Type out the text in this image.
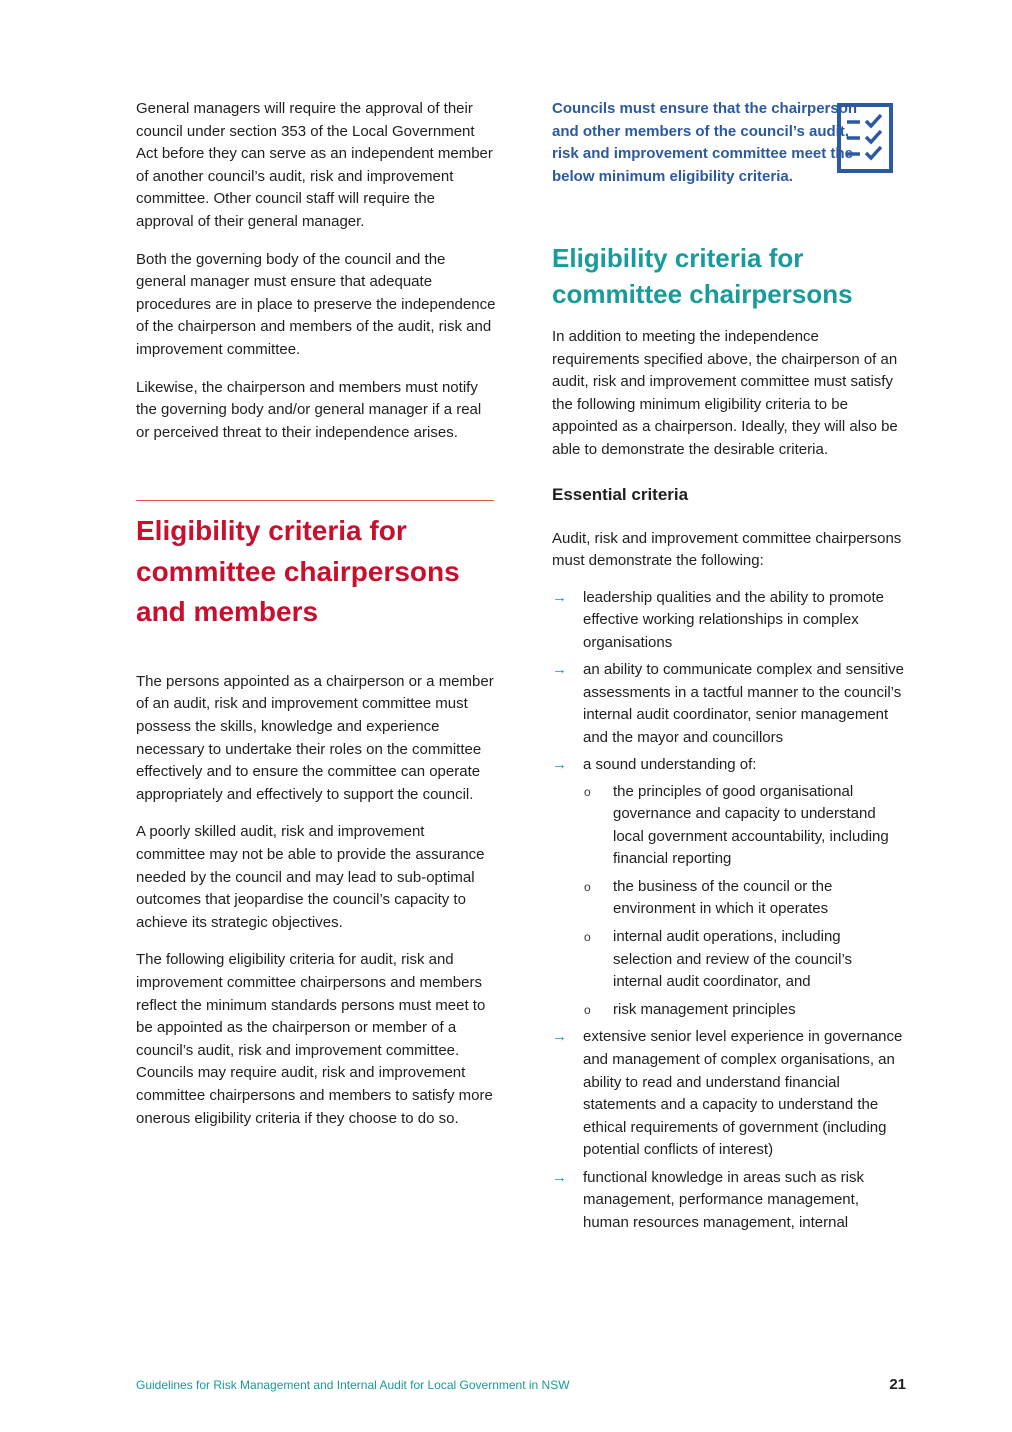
General managers will require the approval of their council under section 353 of the Local Government Act before they can serve as an independent member of another council’s audit, risk and improvement committee. Other council staff will require the approval of their general manager.

Both the governing body of the council and the general manager must ensure that adequate procedures are in place to preserve the independence of the chairperson and members of the audit, risk and improvement committee.

Likewise, the chairperson and members must notify the governing body and/or general manager if a real or perceived threat to their independence arises.

Eligibility criteria for committee chairpersons and members

The persons appointed as a chairperson or a member of an audit, risk and improvement committee must possess the skills, knowledge and experience necessary to undertake their roles on the committee effectively and to ensure the committee can operate appropriately and effectively to support the council.

A poorly skilled audit, risk and improvement committee may not be able to provide the assurance needed by the council and may lead to sub-optimal outcomes that jeopardise the council’s capacity to achieve its strategic objectives.

The following eligibility criteria for audit, risk and improvement committee chairpersons and members reflect the minimum standards persons must meet to be appointed as the chairperson or member of a council’s audit, risk and improvement committee. Councils may require audit, risk and improvement committee chairpersons and members to satisfy more onerous eligibility criteria if they choose to do so.

Councils must ensure that the chairperson and other members of the council’s audit, risk and improvement committee meet the below minimum eligibility criteria.
Eligibility criteria for committee chairpersons

In addition to meeting the independence requirements specified above, the chairperson of an audit, risk and improvement committee must satisfy the following minimum eligibility criteria to be appointed as a chairperson. Ideally, they will also be able to demonstrate the desirable criteria.

Essential criteria

Audit, risk and improvement committee chairpersons must demonstrate the following:

→ leadership qualities and the ability to promote effective working relationships in complex organisations
→ an ability to communicate complex and sensitive assessments in a tactful manner to the council’s internal audit coordinator, senior management and the mayor and councillors
→ a sound understanding of:
o the principles of good organisational governance and capacity to understand local government accountability, including financial reporting
o the business of the council or the environment in which it operates
o internal audit operations, including selection and review of the council’s internal audit coordinator, and
o risk management principles
→ extensive senior level experience in governance and management of complex organisations, an ability to read and understand financial statements and a capacity to understand the ethical requirements of government (including potential conflicts of interest)
→ functional knowledge in areas such as risk management, performance management, human resources management, internal
Guidelines for Risk Management and Internal Audit for Local Government in NSW	21
